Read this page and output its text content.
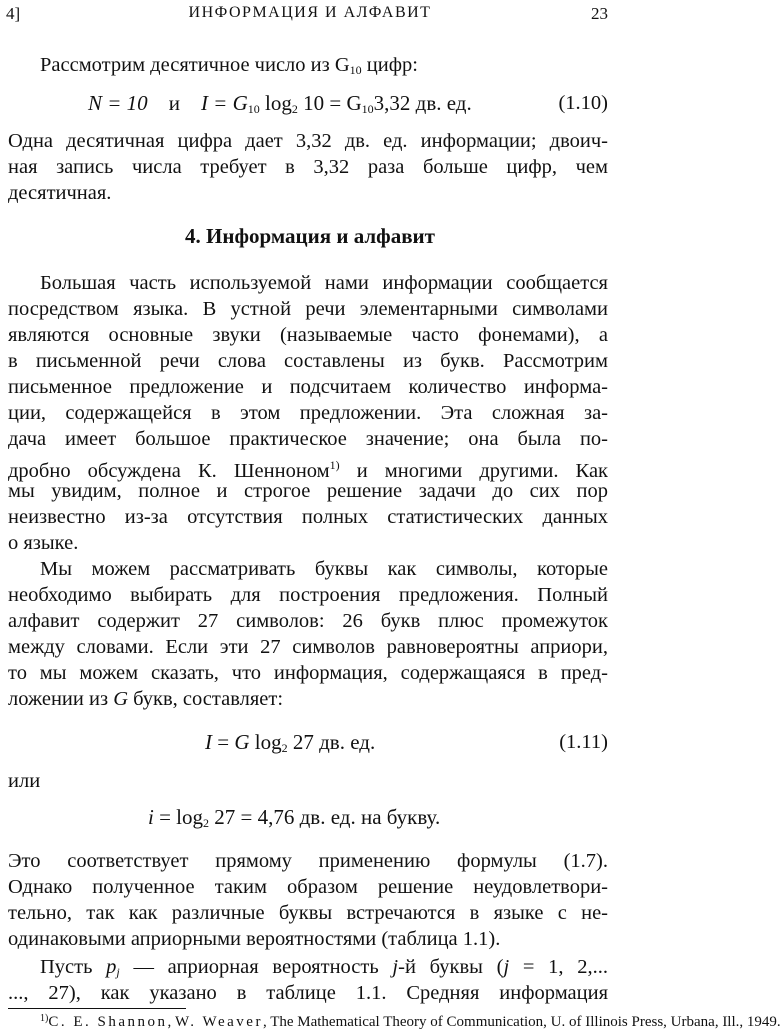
4]	ИНФОРМАЦИЯ И АЛФАВИТ	23
Рассмотрим десятичное число из $G_{10}$ цифр:
N = 10 и $I = G_{10}$ $\log_2 10 = G_{10}3,32$ дв. ед.	(1.10)
Одна десятичная цифра дает 3,32 дв. ед. информации; двоич-
ная запись числа требует в 3,32 раза больше цифр, чем
десятичная.
4. Информация и алфавит
Большая часть используемой нами информации сообщается
посредством языка. В устной речи элементарными символами
являются основные звуки (называемые часто фонемами), а
в письменной речи слова составлены из букв. Рассмотрим
письменное предложение и подсчитаем количество информа-
ции, содержащейся в этом предложении. Эта сложная за-
дача имеет большое практическое значение; она была по-
дробно обсуждена К. Шенноном$^{1)}$ и многими другими. Как
мы увидим, полное и строгое решение задачи до сих пор
неизвестно из-за отсутствия полных статистических данных
о языке.
Мы можем рассматривать буквы как символы, которые
необходимо выбирать для построения предложения. Полный
алфавит содержит 27 символов: 26 букв плюс промежуток
между словами. Если эти 27 символов равновероятны априори,
то мы можем сказать, что информация, содержащаяся в пред-
ложении из G букв, составляет:
I = G $\log_2 27$ дв. ед.	(1.11)
или
$i = \log_2 27 = 4,76$ дв. ед. на букву.
Это соответствует прямому применению формулы (1.7).
Однако полученное таким образом решение неудовлетвори-
тельно, так как различные буквы встречаются в языке с не-
одинаковыми априорными вероятностями (таблица 1.1).
Пусть $p_j$ — априорная вероятность j-й буквы (j = 1, 2,...
..., 27), как указано в таблице 1.1. Средняя информация
$^{1)}$C. E. Shannon, W. Weaver, The Mathematical Theory of Communication, U. of Illinois Press, Urbana, Ill., 1949.
